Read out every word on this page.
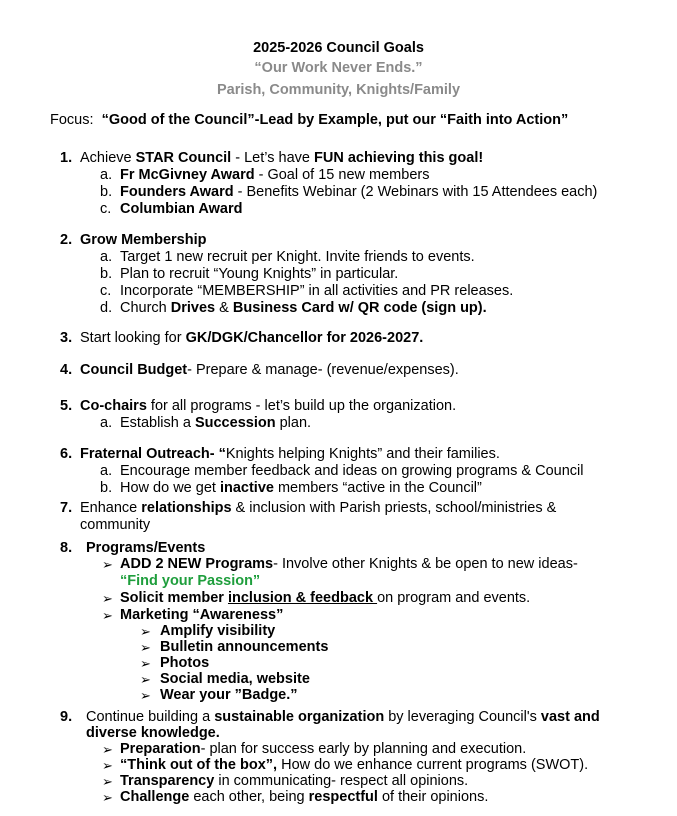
2025-2026 Council Goals
“Our Work Never Ends.”
Parish, Community, Knights/Family
Focus: “Good of the Council”-Lead by Example, put our “Faith into Action”
1. Achieve STAR Council - Let’s have FUN achieving this goal!
a. Fr McGivney Award - Goal of 15 new members
b. Founders Award - Benefits Webinar (2 Webinars with 15 Attendees each)
c. Columbian Award
2. Grow Membership
a. Target 1 new recruit per Knight. Invite friends to events.
b. Plan to recruit “Young Knights” in particular.
c. Incorporate “MEMBERSHIP” in all activities and PR releases.
d. Church Drives & Business Card w/ QR code (sign up).
3. Start looking for GK/DGK/Chancellor for 2026-2027.
4. Council Budget- Prepare & manage- (revenue/expenses).
5. Co-chairs for all programs - let’s build up the organization.
a. Establish a Succession plan.
6. Fraternal Outreach- “Knights helping Knights” and their families.
a. Encourage member feedback and ideas on growing programs & Council
b. How do we get inactive members “active in the Council”
7. Enhance relationships & inclusion with Parish priests, school/ministries &
community
8. Programs/Events
➢ ADD 2 NEW Programs- Involve other Knights & be open to new ideas-
“Find your Passion”
➢ Solicit member inclusion & feedback on program and events.
➢ Marketing “Awareness”
➢ Amplify visibility
➢ Bulletin announcements
➢ Photos
➢ Social media, website
➢ Wear your ”Badge.”
9. Continue building a sustainable organization by leveraging Council's vast and
diverse knowledge.
➢ Preparation- plan for success early by planning and execution.
➢ “Think out of the box”, How do we enhance current programs (SWOT).
➢ Transparency in communicating- respect all opinions.
➢ Challenge each other, being respectful of their opinions.
